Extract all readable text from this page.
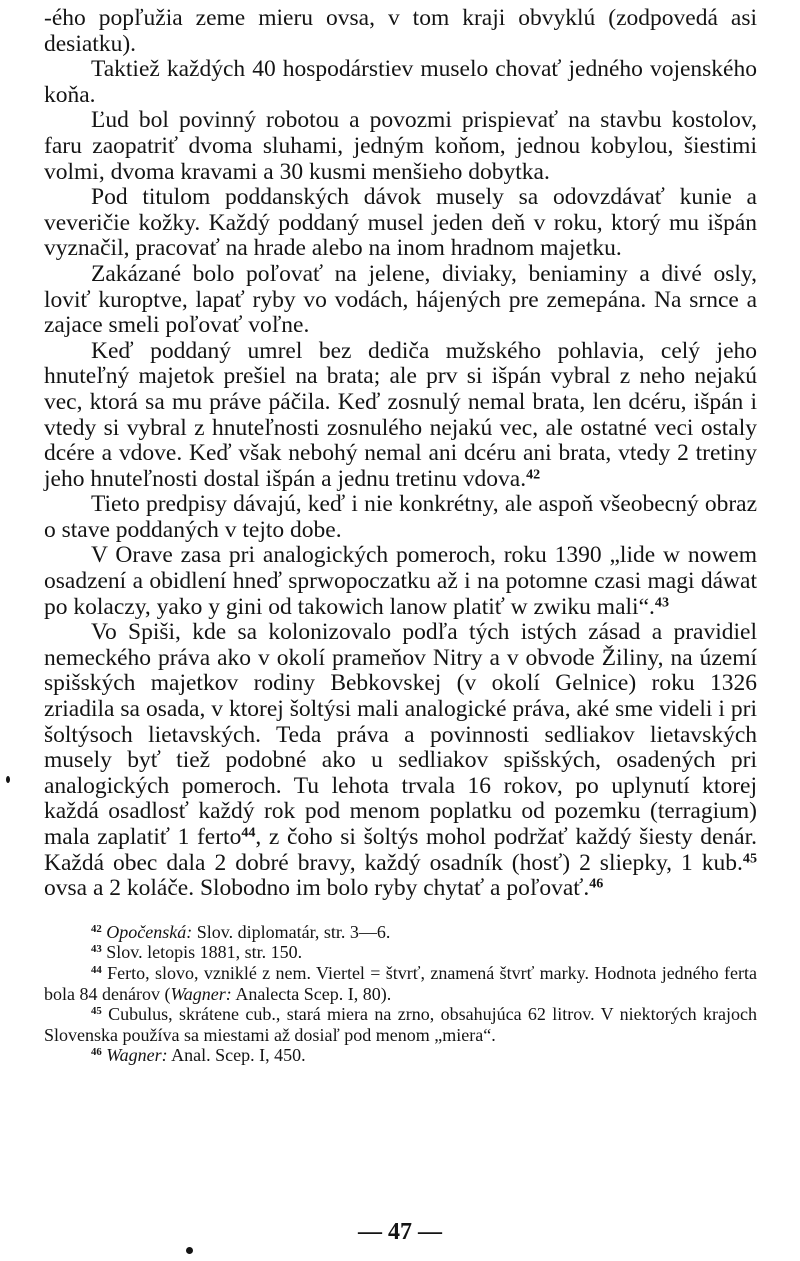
-ého popľužia zeme mieru ovsa, v tom kraji obvyklú (zodpovedá asi desiatku).

Taktiež každých 40 hospodárstiev muselo chovať jedného vojenského koňa.

Ľud bol povinný robotou a povozmi prispievať na stavbu kostolov, faru zaopatriť dvoma sluhami, jedným koňom, jednou kobylou, šiestimi volmi, dvoma kravami a 30 kusmi menšieho dobytka.

Pod titulom poddanských dávok musely sa odovzdávať kunie a veveričie kožky. Každý poddaný musel jeden deň v roku, ktorý mu išpán vyznačil, pracovať na hrade alebo na inom hradnom majetku.

Zakázané bolo poľovať na jelene, diviaky, beniaminy a divé osly, loviť kuroptve, lapať ryby vo vodách, hájených pre zemepána. Na srnce a zajace smeli poľovať voľne.

Keď poddaný umrel bez dediča mužského pohlavia, celý jeho hnuteľný majetok prešiel na brata; ale prv si išpán vybral z neho nejakú vec, ktorá sa mu práve páčila. Keď zosnulý nemal brata, len dcéru, išpán i vtedy si vybral z hnuteľnosti zosnulého nejakú vec, ale ostatné veci ostaly dcére a vdove. Keď však nebohý nemal ani dcéru ani brata, vtedy 2 tretiny jeho hnuteľnosti dostal išpán a jednu tretinu vdova.$^{42}$

Tieto predpisy dávajú, keď i nie konkrétny, ale aspoň všeobecný obraz o stave poddaných v tejto dobe.

V Orave zasa pri analogických pomeroch, roku 1390 „lide w nowem osadzení a obidlení hneď sprwopoczatku až i na potomne czasi magi dáwat po kolaczy, yako y gini od takowich lanow platiť w zwiku mali“.$^{43}$

Vo Spiši, kde sa kolonizovalo podľa tých istých zásad a pravidiel nemeckého práva ako v okolí prameňov Nitry a v obvode Žiliny, na území spišských majetkov rodiny Bebkovskej (v okolí Gelnice) roku 1326 zriadila sa osada, v ktorej šoltýsi mali analogické práva, aké sme videli i pri šoltýsoch lietavských. Teda práva a povinnosti sedliakov lietavských musely byť tiež podobné ako u sedliakov spišských, osadených pri analogických pomeroch. Tu lehota trvala 16 rokov, po uplynutí ktorej každá osadlosť každý rok pod menom poplatku od pozemku (terragium) mala zaplatiť 1 ferto$^{44}$, z čoho si šoltýs mohol podržať každý šiesty denár. Každá obec dala 2 dobré bravy, každý osadník (hosť) 2 sliepky, 1 kub.$^{45}$ ovsa a 2 koláče. Slobodno im bolo ryby chytať a poľovať.$^{46}$

$^{42}$ Opočenská: Slov. diplomatár, str. 3—6.

$^{43}$ Slov. letopis 1881, str. 150.

$^{44}$ Ferto, slovo, vzniklé z nem. Viertel = štvrť, znamená štvrť marky. Hodnota jedného ferta bola 84 denárov (Wagner: Analecta Scep. I, 80).

$^{45}$ Cubulus, skrátene cub., stará miera na zrno, obsahujúca 62 litrov. V niektorých krajoch Slovenska používa sa miestami až dosiaľ pod menom „miera“.

$^{46}$ Wagner: Anal. Scep. I, 450.

— 47 —
